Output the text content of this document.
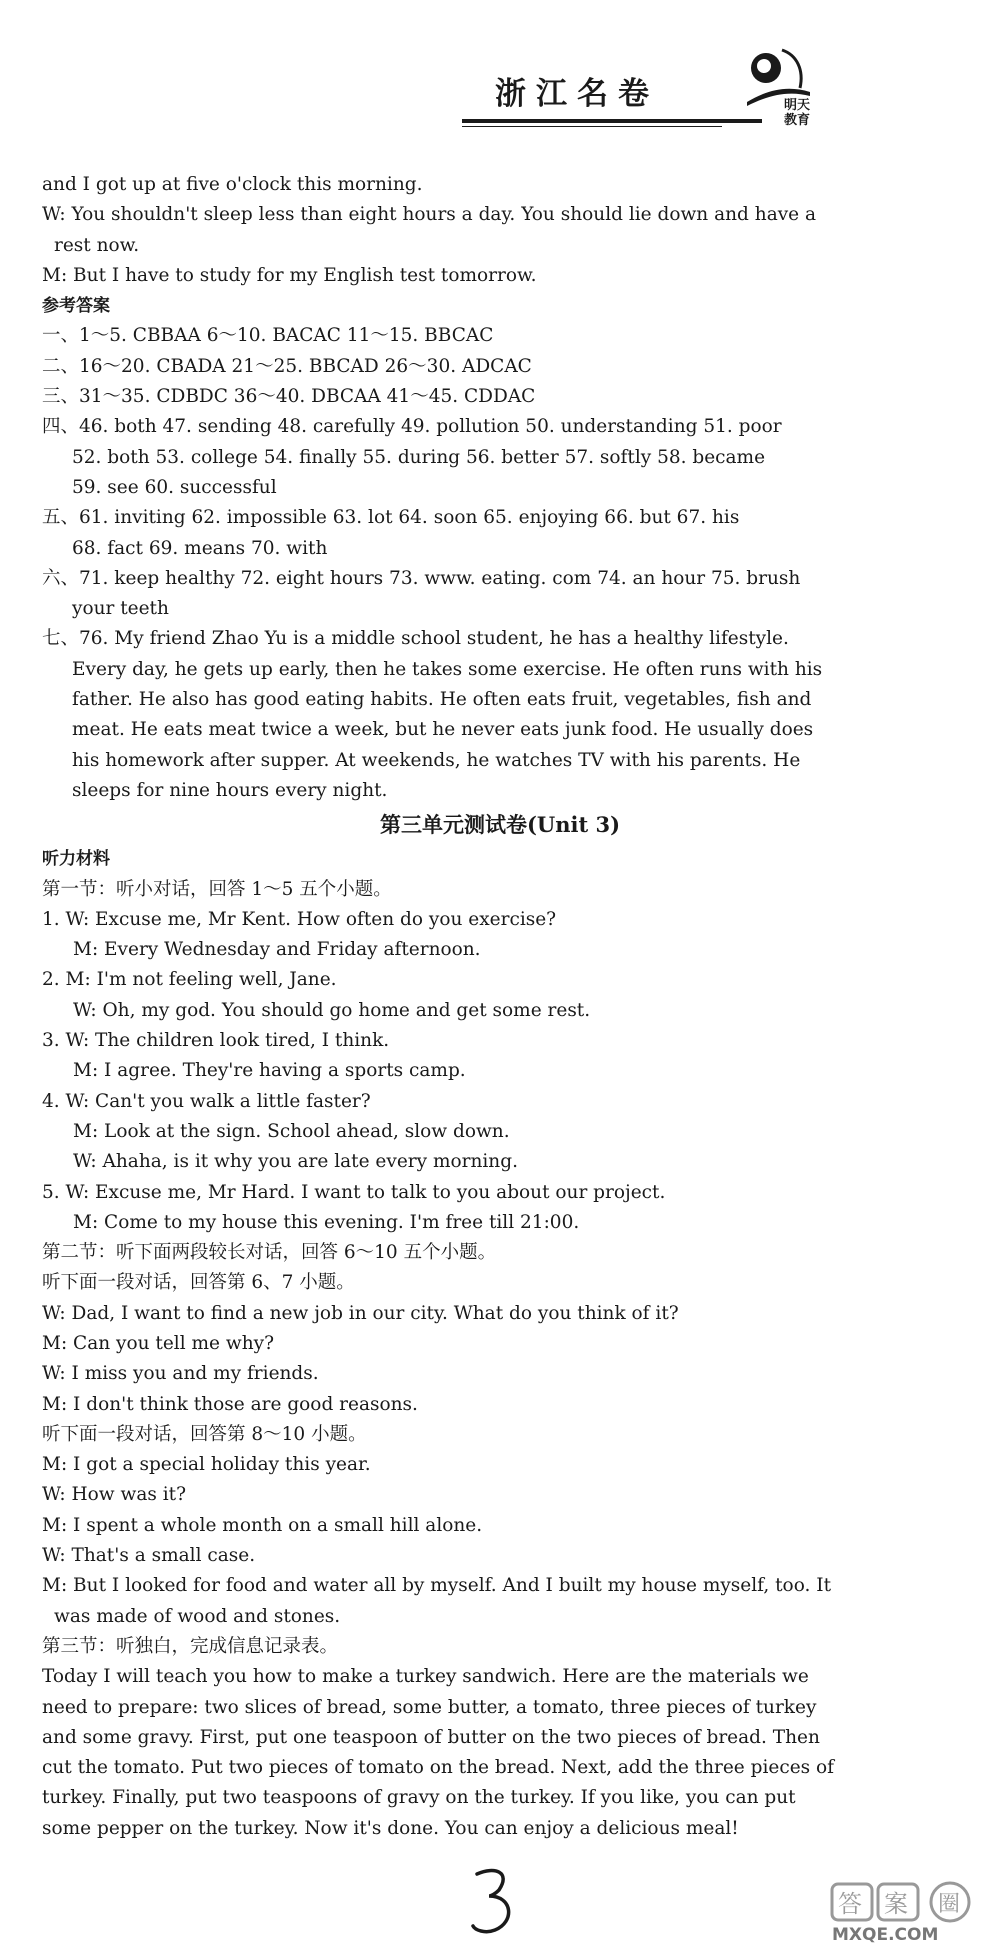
浙江名卷	明天
教育
and I got up at five o'clock this morning.
W: You shouldn't sleep less than eight hours a day. You should lie down and have a
rest now.
M: But I have to study for my English test tomorrow.
参考答案
一、1～5. CBBAA 6～10. BACAC 11～15. BBCAC
二、16～20. CBADA 21～25. BBCAD 26～30. ADCAC
三、31～35. CDBDC 36～40. DBCAA 41～45. CDDAC
四、46. both 47. sending 48. carefully 49. pollution 50. understanding 51. poor
52. both 53. college 54. finally 55. during 56. better 57. softly 58. became
59. see 60. successful
五、61. inviting 62. impossible 63. lot 64. soon 65. enjoying 66. but 67. his
68. fact 69. means 70. with
六、71. keep healthy 72. eight hours 73. www. eating. com 74. an hour 75. brush
your teeth
七、76. My friend Zhao Yu is a middle school student, he has a healthy lifestyle.
Every day, he gets up early, then he takes some exercise. He often runs with his
father. He also has good eating habits. He often eats fruit, vegetables, fish and
meat. He eats meat twice a week, but he never eats junk food. He usually does
his homework after supper. At weekends, he watches TV with his parents. He
sleeps for nine hours every night.
第三单元测试卷(Unit 3)
听力材料
第一节：听小对话，回答 1～5 五个小题。
1. W: Excuse me, Mr Kent. How often do you exercise?
M: Every Wednesday and Friday afternoon.
2. M: I'm not feeling well, Jane.
W: Oh, my god. You should go home and get some rest.
3. W: The children look tired, I think.
M: I agree. They're having a sports camp.
4. W: Can't you walk a little faster?
M: Look at the sign. School ahead, slow down.
W: Ahaha, is it why you are late every morning.
5. W: Excuse me, Mr Hard. I want to talk to you about our project.
M: Come to my house this evening. I'm free till 21:00.
第二节：听下面两段较长对话，回答 6～10 五个小题。
听下面一段对话，回答第 6、7 小题。
W: Dad, I want to find a new job in our city. What do you think of it?
M: Can you tell me why?
W: I miss you and my friends.
M: I don't think those are good reasons.
听下面一段对话，回答第 8～10 小题。
M: I got a special holiday this year.
W: How was it?
M: I spent a whole month on a small hill alone.
W: That's a small case.
M: But I looked for food and water all by myself. And I built my house myself, too. It
was made of wood and stones.
第三节：听独白，完成信息记录表。
Today I will teach you how to make a turkey sandwich. Here are the materials we
need to prepare: two slices of bread, some butter, a tomato, three pieces of turkey
and some gravy. First, put one teaspoon of butter on the two pieces of bread. Then
cut the tomato. Put two pieces of tomato on the bread. Next, add the three pieces of
turkey. Finally, put two teaspoons of gravy on the turkey. If you like, you can put
some pepper on the turkey. Now it's done. You can enjoy a delicious meal!
答 案 圈
MXQE.COM
